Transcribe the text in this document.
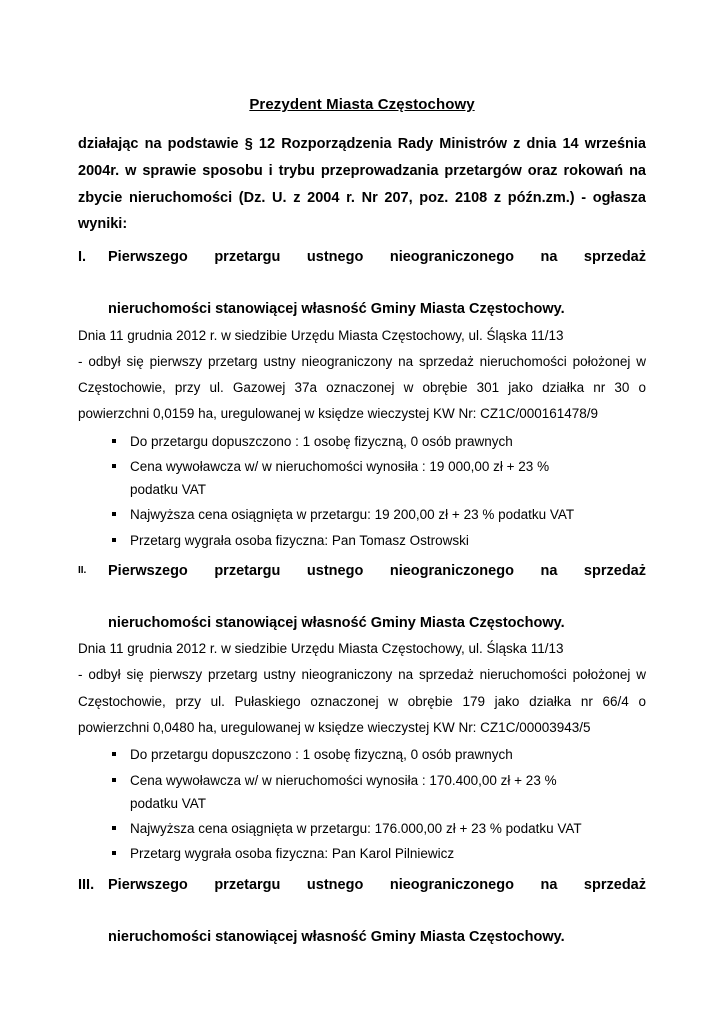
Prezydent Miasta Częstochowy

działając na podstawie § 12 Rozporządzenia Rady Ministrów z dnia 14 września 2004r. w sprawie sposobu i trybu przeprowadzania przetargów oraz rokowań na zbycie nieruchomości (Dz. U. z 2004 r. Nr 207, poz. 2108 z późn.zm.) - ogłasza wyniki:

I.	Pierwszego przetargu ustnego nieograniczonego na sprzedaż
nieruchomości stanowiącej własność Gminy Miasta Częstochowy.

Dnia 11 grudnia 2012 r. w siedzibie Urzędu Miasta Częstochowy, ul. Śląska 11/13

- odbył się pierwszy przetarg ustny nieograniczony na sprzedaż nieruchomości położonej w Częstochowie, przy ul. Gazowej 37a oznaczonej w obrębie 301 jako działka nr 30 o powierzchni 0,0159 ha, uregulowanej w księdze wieczystej KW Nr: CZ1C/000161478/9

Do przetargu dopuszczono : 1 osobę fizyczną, 0 osób prawnych
Cena wywoławcza w/ w nieruchomości wynosiła : 19 000,00 zł + 23 %
podatku VAT
Najwyższa cena osiągnięta w przetargu: 19 200,00 zł + 23 % podatku VAT
Przetarg wygrała osoba fizyczna: Pan Tomasz Ostrowski
II.	Pierwszego przetargu ustnego nieograniczonego na sprzedaż
nieruchomości stanowiącej własność Gminy Miasta Częstochowy.

Dnia 11 grudnia 2012 r. w siedzibie Urzędu Miasta Częstochowy, ul. Śląska 11/13

- odbył się pierwszy przetarg ustny nieograniczony na sprzedaż nieruchomości położonej w Częstochowie, przy ul. Pułaskiego oznaczonej w obrębie 179 jako działka nr 66/4 o powierzchni 0,0480 ha, uregulowanej w księdze wieczystej KW Nr: CZ1C/00003943/5

Do przetargu dopuszczono : 1 osobę fizyczną, 0 osób prawnych
Cena wywoławcza w/ w nieruchomości wynosiła : 170.400,00 zł + 23 %
podatku VAT
Najwyższa cena osiągnięta w przetargu: 176.000,00 zł + 23 % podatku VAT
Przetarg wygrała osoba fizyczna: Pan Karol Pilniewicz
III. Pierwszego przetargu ustnego nieograniczonego na sprzedaż
nieruchomości stanowiącej własność Gminy Miasta Częstochowy.
